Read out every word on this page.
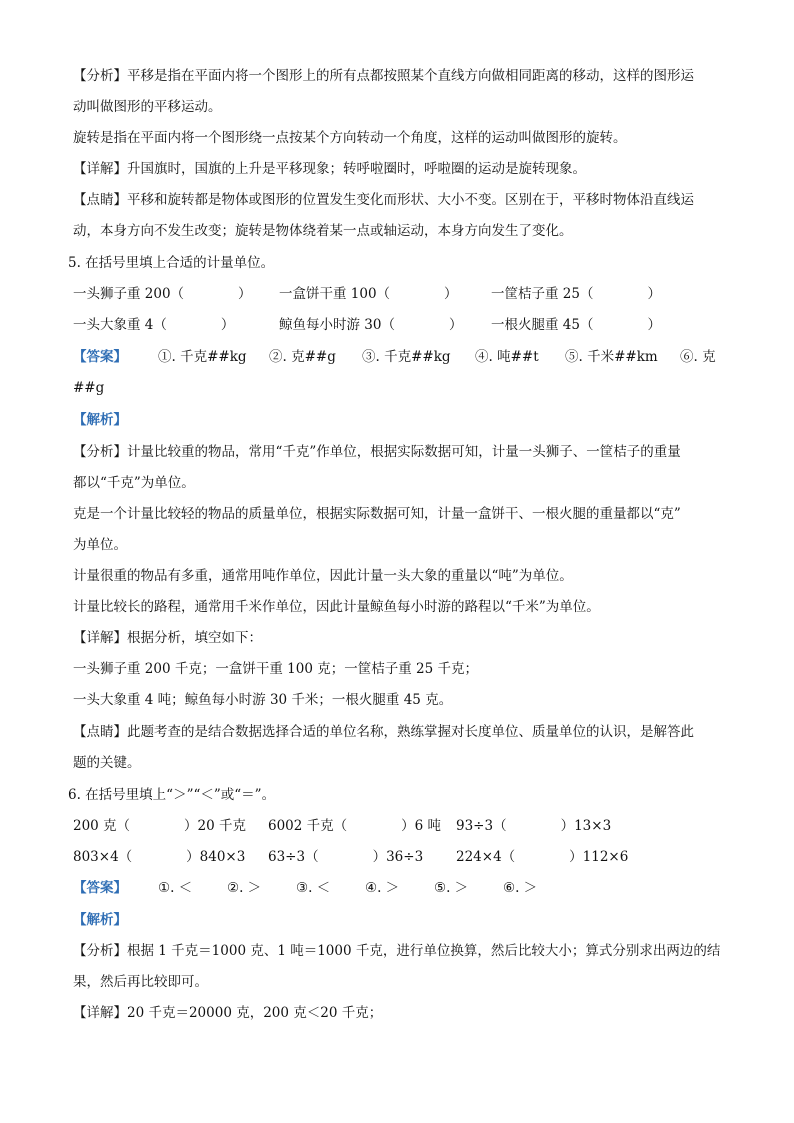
【分析】平移是指在平面内将一个图形上的所有点都按照某个直线方向做相同距离的移动，这样的图形运
动叫做图形的平移运动。
旋转是指在平面内将一个图形绕一点按某个方向转动一个角度，这样的运动叫做图形的旋转。
【详解】升国旗时，国旗的上升是平移现象；转呼啦圈时，呼啦圈的运动是旋转现象。
【点睛】平移和旋转都是物体或图形的位置发生变化而形状、大小不变。区别在于，平移时物体沿直线运
动，本身方向不发生改变；旋转是物体绕着某一点或轴运动，本身方向发生了变化。
5. 在括号里填上合适的计量单位。
一头狮子重 200（　　　　） 一盒饼干重 100（　　　　） 一筐桔子重 25（　　　　）
一头大象重 4（　　　　）	鲸鱼每小时游 30（　　　　） 一根火腿重 45（　　　　）
【答案】 ①. 千克##kg ②. 克##g ③. 千克##kg ④. 吨##t ⑤. 千米##km ⑥. 克
##g
【解析】
【分析】计量比较重的物品，常用“千克”作单位，根据实际数据可知，计量一头狮子、一筐桔子的重量
都以“千克”为单位。
克是一个计量比较轻的物品的质量单位，根据实际数据可知，计量一盒饼干、一根火腿的重量都以“克”
为单位。
计量很重的物品有多重，通常用吨作单位，因此计量一头大象的重量以“吨”为单位。
计量比较长的路程，通常用千米作单位，因此计量鲸鱼每小时游的路程以“千米”为单位。
【详解】根据分析，填空如下：
一头狮子重 200 千克；一盒饼干重 100 克；一筐桔子重 25 千克；
一头大象重 4 吨；鲸鱼每小时游 30 千米；一根火腿重 45 克。
【点睛】此题考查的是结合数据选择合适的单位名称，熟练掌握对长度单位、质量单位的认识，是解答此
题的关键。
6. 在括号里填上“＞”“＜”或“＝”。
200 克（　　　　）20 千克 6002 千克（　　　　）6 吨 93÷3（　　　　）13×3
803×4（　　　　）840×3 63÷3（　　　　）36÷3 224×4（　　　　）112×6
【答案】 ①. ＜	②. ＞	③. ＜	④. ＞	⑤. ＞	⑥. ＞
【解析】
【分析】根据 1 千克＝1000 克、1 吨＝1000 千克，进行单位换算，然后比较大小；算式分别求出两边的结
果，然后再比较即可。
【详解】20 千克＝20000 克，200 克＜20 千克；
